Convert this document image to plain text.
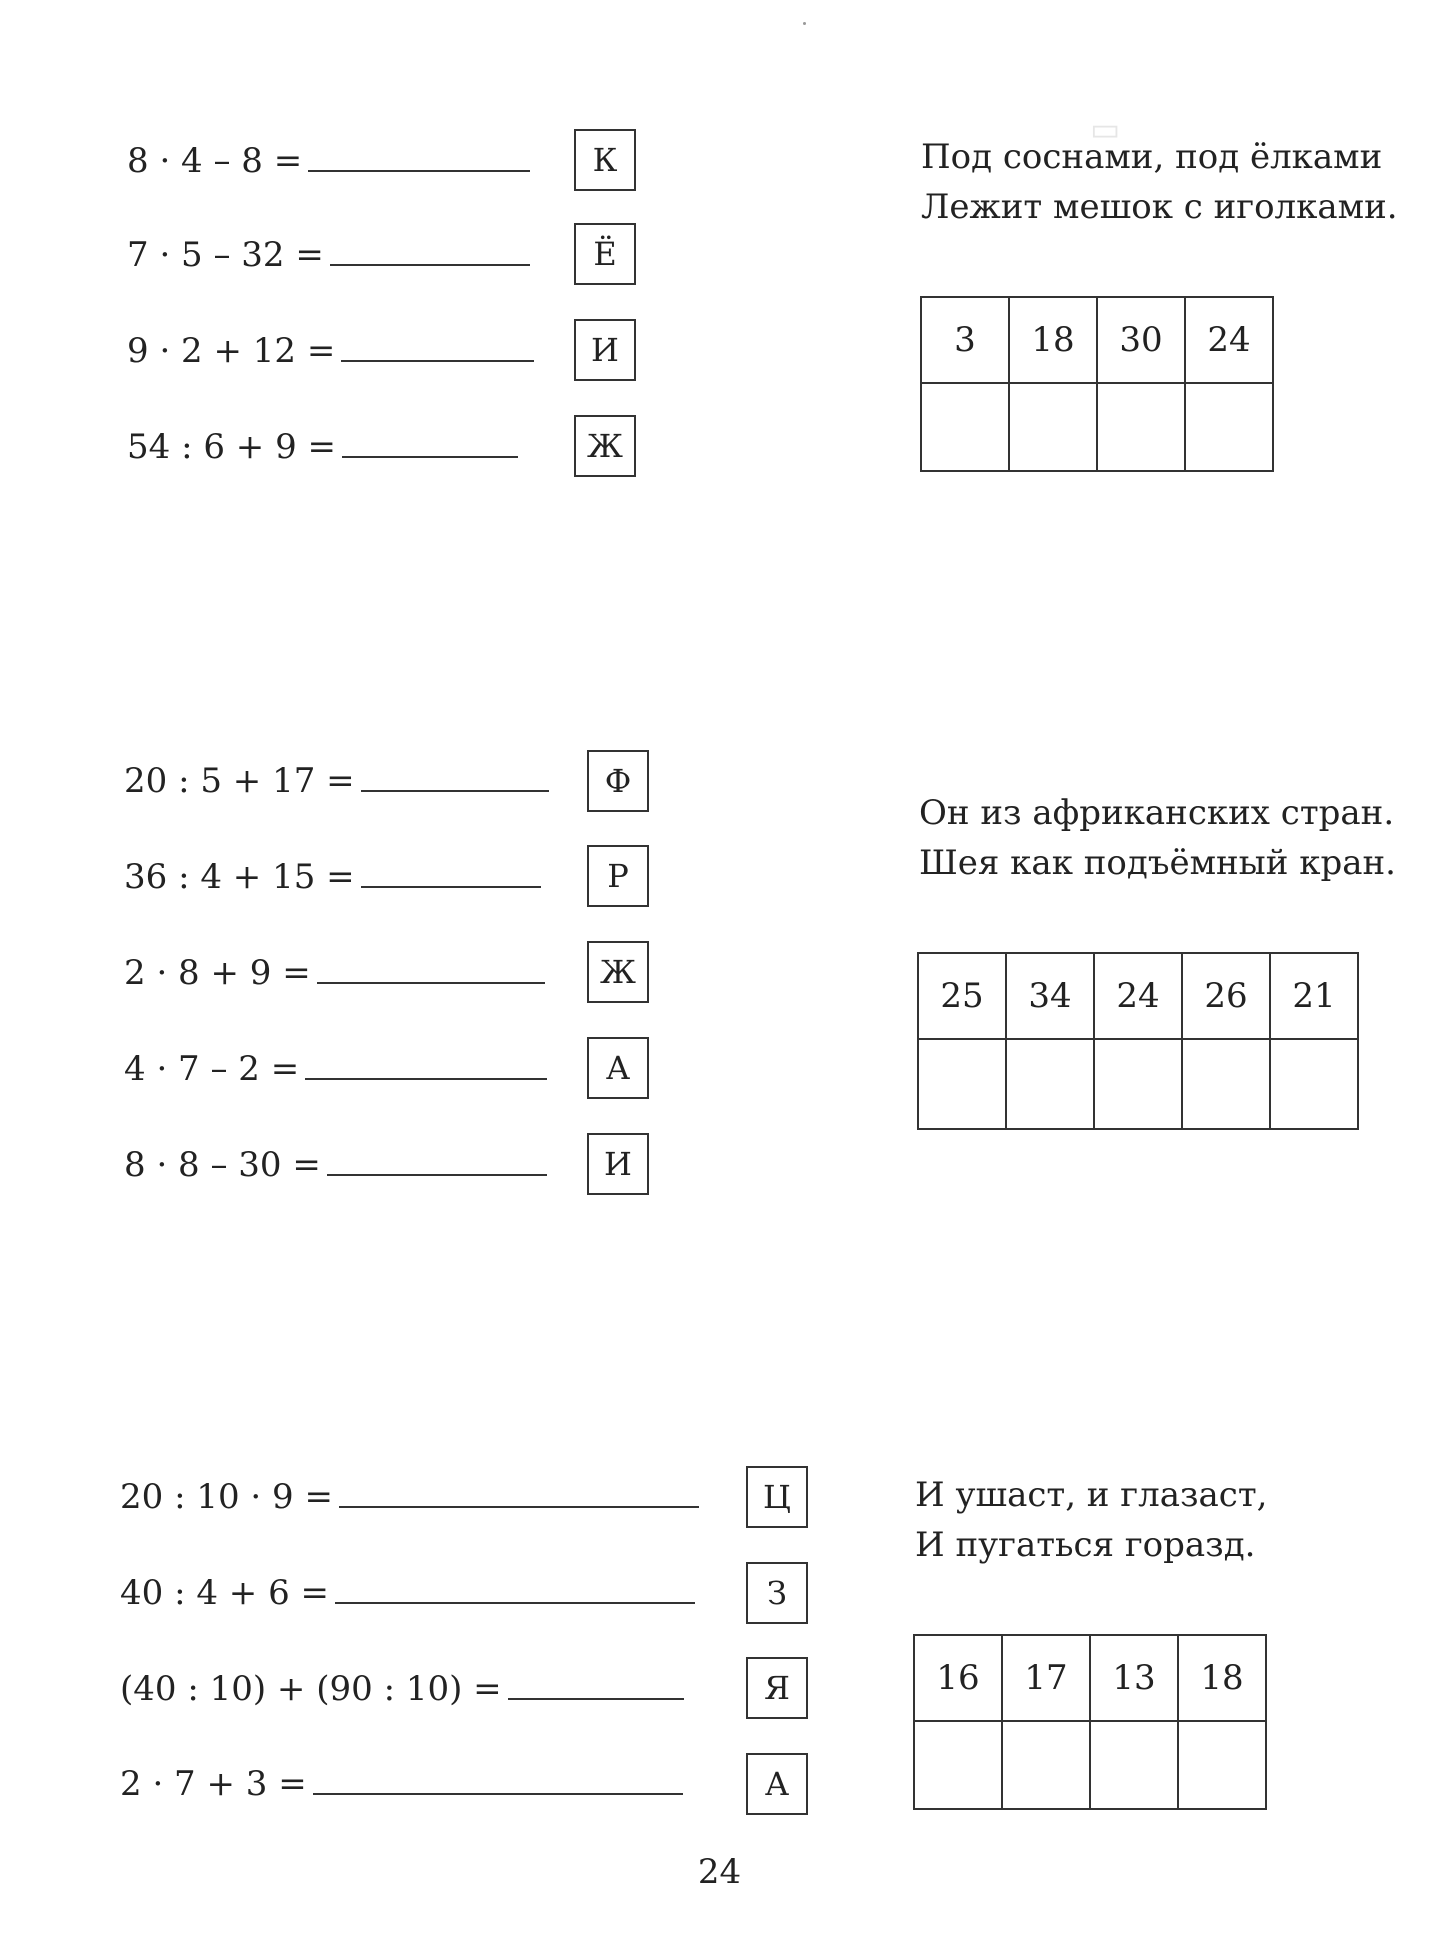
▭
8 · 4 – 8 =	К
7 · 5 – 32 =	Ё
9 · 2 + 12 =	И
54 : 6 + 9 =	Ж
Под соснами, под ёлками
Лежит мешок с иголками.
3	18	30	24

20 : 5 + 17 =	Ф
36 : 4 + 15 =	Р
2 · 8 + 9 =	Ж
4 · 7 – 2 =	А
8 · 8 – 30 =	И
Он из африканских стран.
Шея как подъёмный кран.
25	34	24	26	21

20 : 10 · 9 =	Ц
40 : 4 + 6 =	З
(40 : 10) + (90 : 10) =	Я
2 · 7 + 3 =	А
И ушаст, и глазаст,
И пугаться горазд.
16	17	13	18

24
